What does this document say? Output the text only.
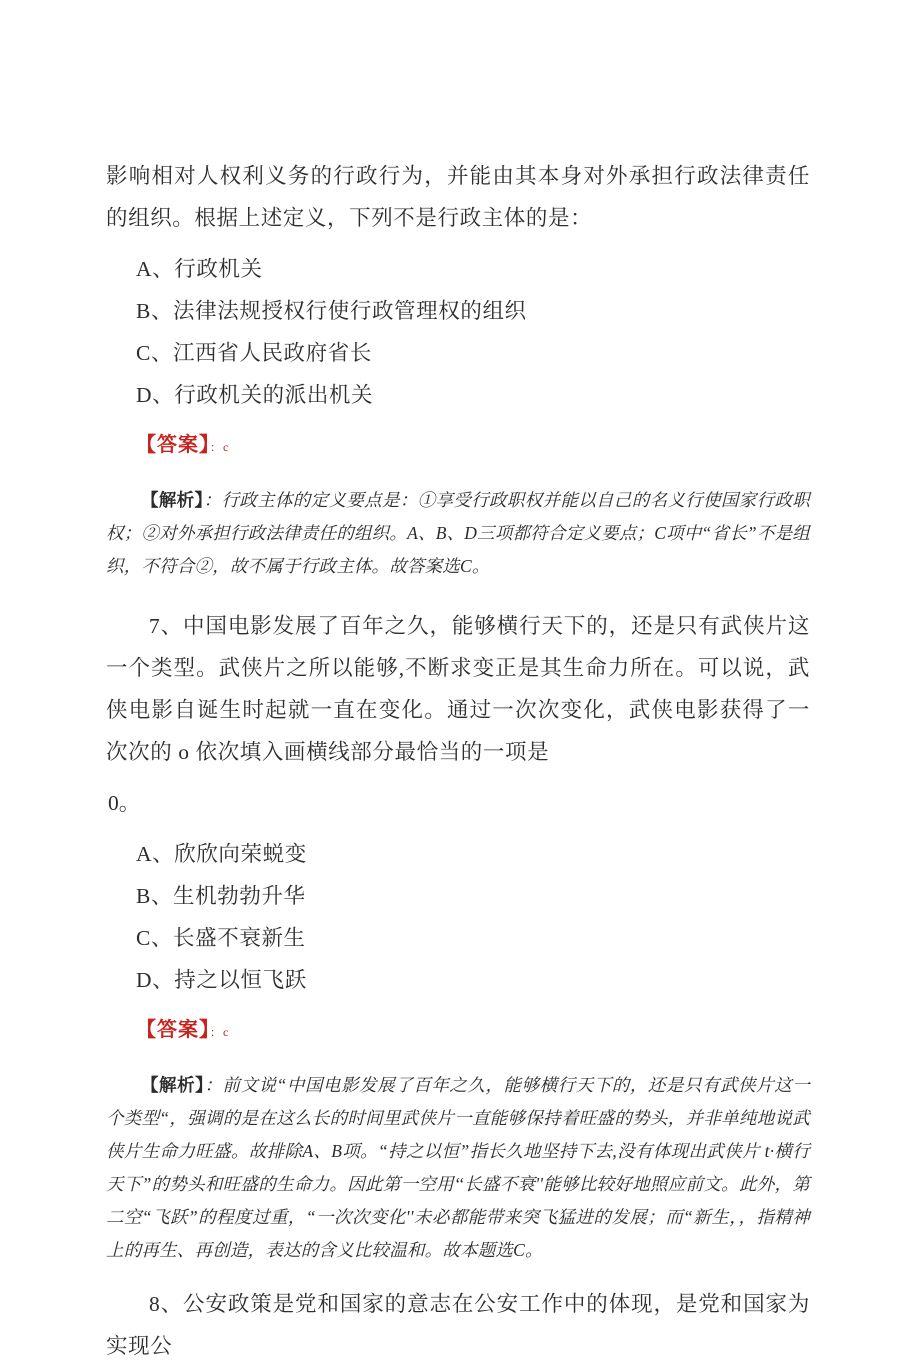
影响相对人权利义务的行政行为，并能由其本身对外承担行政法律责任的组织。根据上述定义，下列不是行政主体的是：

A、行政机关

B、法律法规授权行使行政管理权的组织

C、江西省人民政府省长

D、行政机关的派出机关

【答案】： c

【解析】：行政主体的定义要点是：①享受行政职权并能以自己的名义行使国家行政职权；②对外承担行政法律责任的组织。A、B、D三项都符合定义要点；C项中“省长”不是组织，不符合②，故不属于行政主体。故答案选C。

7、中国电影发展了百年之久，能够横行天下的，还是只有武侠片这一个类型。武侠片之所以能够,不断求变正是其生命力所在。可以说，武侠电影自诞生时起就一直在变化。通过一次次变化，武侠电影获得了一次次的 o 依次填入画横线部分最恰当的一项是

0。

A、欣欣向荣蜕变

B、生机勃勃升华

C、长盛不衰新生

D、持之以恒飞跃

【答案】： c

【解析】：前文说“中国电影发展了百年之久，能够横行天下的，还是只有武侠片这一个类型“，强调的是在这么长的时间里武侠片一直能够保持着旺盛的势头，并非单纯地说武侠片生命力旺盛。故排除A、B项。“持之以恒”指长久地坚持下去,没有体现出武侠片 t·横行天下”的势头和旺盛的生命力。因此第一空用‘‘长盛不衰''能够比较好地照应前文。此外，第二空“飞跃”的程度过重，“一次次变化''未必都能带来突飞猛进的发展；而“新生，，指精神上的再生、再创造，表达的含义比较温和。故本题选C。

8、公安政策是党和国家的意志在公安工作中的体现，是党和国家为实现公
